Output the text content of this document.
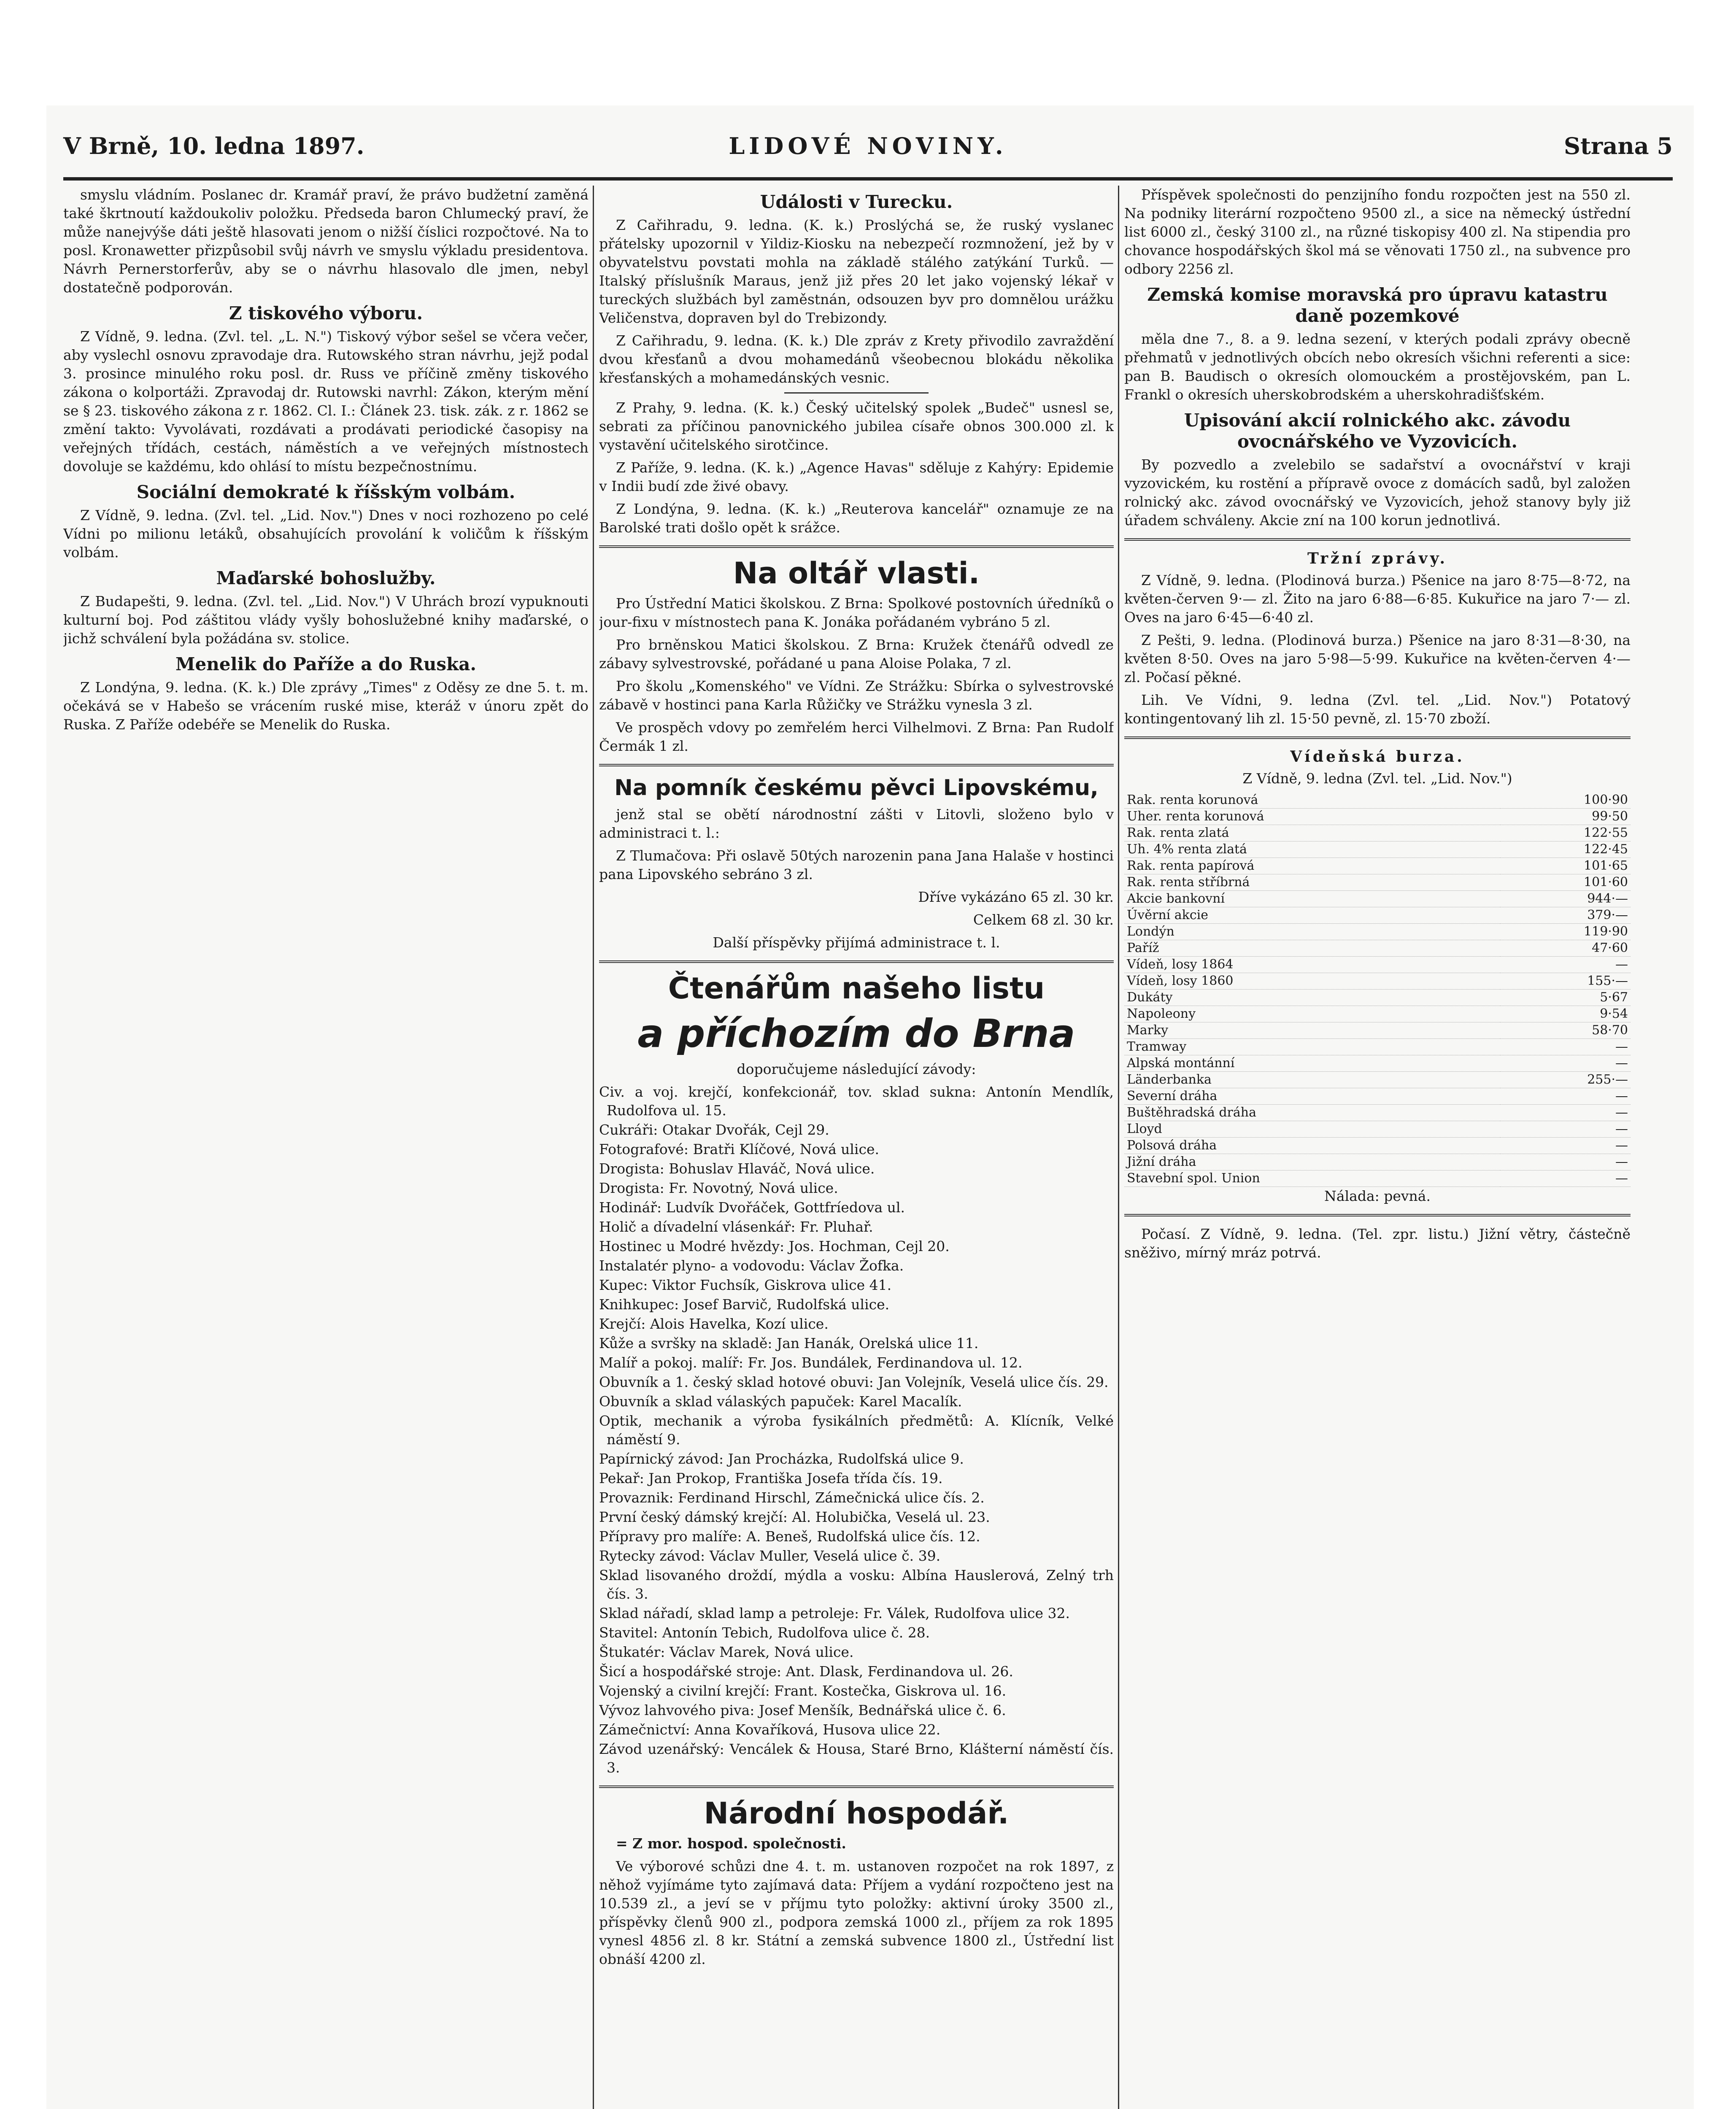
V Brně, 10. ledna 1897.	LIDOVÉ NOVINY.	Strana 5

smyslu vládním. Poslanec dr. Kramář praví, že právo budžetní zaměná také škrtnoutí každoukoliv položku. Předseda baron Chlumecký praví, že může nanejvýše dáti ještě hlasovati jenom o nižší číslici rozpočtové. Na to posl. Kronawetter přizpůsobil svůj návrh ve smyslu výkladu presidentova. Návrh Pernerstorferův, aby se o návrhu hlasovalo dle jmen, nebyl dostatečně podporován.

Z tiskového výboru.

Z Vídně, 9. ledna. (Zvl. tel. „L. N.") Tiskový výbor sešel se včera večer, aby vyslechl osnovu zpravodaje dra. Rutowského stran návrhu, jejž podal 3. prosince minulého roku posl. dr. Russ ve příčině změny tiskového zákona o kolportáži. Zpravodaj dr. Rutowski navrhl: Zákon, kterým mění se § 23. tiskového zákona z r. 1862. Cl. I.: Článek 23. tisk. zák. z r. 1862 se změní takto: Vyvolávati, rozdávati a prodávati periodické časopisy na veřejných třídách, cestách, náměstích a ve veřejných místnostech dovoluje se každému, kdo ohlásí to místu bezpečnostnímu.

Sociální demokraté k říšským volbám.

Z Vídně, 9. ledna. (Zvl. tel. „Lid. Nov.") Dnes v noci rozhozeno po celé Vídni po milionu letáků, obsahujících provolání k voličům k říšským volbám.

Maďarské bohoslužby.

Z Budapešti, 9. ledna. (Zvl. tel. „Lid. Nov.") V Uhrách brozí vypuknouti kulturní boj. Pod záštitou vlády vyšly bohoslužebné knihy maďarské, o jichž schválení byla požádána sv. stolice.

Menelik do Paříže a do Ruska.

Z Londýna, 9. ledna. (K. k.) Dle zprávy „Times" z Oděsy ze dne 5. t. m. očekává se v Habešo se vrácením ruské mise, kteráž v únoru zpět do Ruska. Z Paříže odebéře se Menelik do Ruska.

Události v Turecku.

Z Cařihradu, 9. ledna. (K. k.) Proslýchá se, že ruský vyslanec přátelsky upozornil v Yildiz-Kiosku na nebezpečí rozmnožení, jež by v obyvatelstvu povstati mohla na základě stálého zatýkání Turků. — Italský příslušník Maraus, jenž již přes 20 let jako vojenský lékař v tureckých službách byl zaměstnán, odsouzen byv pro domnělou urážku Veličenstva, dopraven byl do Trebizondy.

Z Cařihradu, 9. ledna. (K. k.) Dle zpráv z Krety přivodilo zavraždění dvou křesťanů a dvou mohamedánů všeobecnou blokádu několika křesťanských a mohamedánských vesnic.

Z Prahy, 9. ledna. (K. k.) Český učitelský spolek „Budeč" usnesl se, sebrati za příčinou panovnického jubilea císaře obnos 300.000 zl. k vystavění učitelského sirotčince.

Z Paříže, 9. ledna. (K. k.) „Agence Havas" sděluje z Kahýry: Epidemie v Indii budí zde živé obavy.

Z Londýna, 9. ledna. (K. k.) „Reuterova kancelář" oznamuje ze na Barolské trati došlo opět k srážce.

Na oltář vlasti.

Pro Ústřední Matici školskou. Z Brna: Spolkové postovních úředníků o jour-fixu v místnostech pana K. Jonáka pořádaném vybráno 5 zl.

Pro brněnskou Matici školskou. Z Brna: Kružek čtenářů odvedl ze zábavy sylvestrovské, pořádané u pana Aloise Polaka, 7 zl.

Pro školu „Komenského" ve Vídni. Ze Strážku: Sbírka o sylvestrovské zábavě v hostinci pana Karla Růžičky ve Strážku vynesla 3 zl.

Ve prospěch vdovy po zemřelém herci Vilhelmovi. Z Brna: Pan Rudolf Čermák 1 zl.

Na pomník českému pěvci Lipovskému,

jenž stal se obětí národnostní zášti v Litovli, složeno bylo v administraci t. l.:

Z Tlumačova: Při oslavě 50tých narozenin pana Jana Halaše v hostinci pana Lipovského sebráno 3 zl.

Dříve vykázáno 65 zl. 30 kr.

Celkem 68 zl. 30 kr.

Další příspěvky přijímá administrace t. l.

Čtenářům našeho listu
a příchozím do Brna

doporučujeme následující závody:

Civ. a voj. krejčí, konfekcionář, tov. sklad sukna: Antonín Mendlík, Rudolfova ul. 15.
Cukráři: Otakar Dvořák, Cejl 29.
Fotografové: Bratři Klíčové, Nová ulice.
Drogista: Bohuslav Hlaváč, Nová ulice.
Drogista: Fr. Novotný, Nová ulice.
Hodinář: Ludvík Dvořáček, Gottfríedova ul.
Holič a dívadelní vlásenkář: Fr. Pluhař.
Hostinec u Modré hvězdy: Jos. Hochman, Cejl 20.
Instalatér plyno- a vodovodu: Václav Žofka.
Kupec: Viktor Fuchsík, Giskrova ulice 41.
Knihkupec: Josef Barvič, Rudolfská ulice.
Krejčí: Alois Havelka, Kozí ulice.
Kůže a svršky na skladě: Jan Hanák, Orelská ulice 11.
Malíř a pokoj. malíř: Fr. Jos. Bundálek, Ferdinandova ul. 12.
Obuvník a 1. český sklad hotové obuvi: Jan Volejník, Veselá ulice čís. 29.
Obuvník a sklad válaských papuček: Karel Macalík.
Optik, mechanik a výroba fysikálních předmětů: A. Klícník, Velké náměstí 9.
Papírnický závod: Jan Procházka, Rudolfská ulice 9.
Pekař: Jan Prokop, Františka Josefa třída čís. 19.
Provaznik: Ferdinand Hirschl, Zámečnická ulice čís. 2.
První český dámský krejčí: Al. Holubička, Veselá ul. 23.
Přípravy pro malíře: A. Beneš, Rudolfská ulice čís. 12.
Rytecky závod: Václav Muller, Veselá ulice č. 39.
Sklad lisovaného droždí, mýdla a vosku: Albína Hauslerová, Zelný trh čís. 3.
Sklad nářadí, sklad lamp a petroleje: Fr. Válek, Rudolfova ulice 32.
Stavitel: Antonín Tebich, Rudolfova ulice č. 28.
Štukatér: Václav Marek, Nová ulice.
Šicí a hospodářské stroje: Ant. Dlask, Ferdinandova ul. 26.
Vojenský a civilní krejčí: Frant. Kostečka, Giskrova ul. 16.
Vývoz lahvového piva: Josef Menšík, Bednářská ulice č. 6.
Zámečnictví: Anna Kovaříková, Husova ulice 22.
Závod uzenářský: Vencálek & Housa, Staré Brno, Klášterní náměstí čís. 3.
Národní hospodář.

= Z mor. hospod. společnosti.

Ve výborové schůzi dne 4. t. m. ustanoven rozpočet na rok 1897, z něhož vyjímáme tyto zajímavá data: Příjem a vydání rozpočteno jest na 10.539 zl., a jeví se v příjmu tyto položky: aktivní úroky 3500 zl., příspěvky členů 900 zl., podpora zemská 1000 zl., příjem za rok 1895 vynesl 4856 zl. 8 kr. Státní a zemská subvence 1800 zl., Ústřední list obnáší 4200 zl.

Příspěvek společnosti do penzijního fondu rozpočten jest na 550 zl. Na podniky literární rozpočteno 9500 zl., a sice na německý ústřední list 6000 zl., český 3100 zl., na různé tiskopisy 400 zl. Na stipendia pro chovance hospodářských škol má se věnovati 1750 zl., na subvence pro odbory 2256 zl.

Zemská komise moravská pro úpravu katastru daně pozemkové

měla dne 7., 8. a 9. ledna sezení, v kterých podali zprávy obecně přehmatů v jednotlivých obcích nebo okresích všichni referenti a sice: pan B. Baudisch o okresích olomouckém a prostějovském, pan L. Frankl o okresích uherskobrodském a uherskohradišťském.

Upisování akcií rolnického akc. závodu ovocnářského ve Vyzovicích.

By pozvedlo a zvelebilo se sadařství a ovocnářství v kraji vyzovickém, ku rostění a přípravě ovoce z domácích sadů, byl založen rolnický akc. závod ovocnářský ve Vyzovicích, jehož stanovy byly již úřadem schváleny. Akcie zní na 100 korun jednotlivá.

Tržní zprávy.

Z Vídně, 9. ledna. (Plodinová burza.) Pšenice na jaro 8·75—8·72, na květen-červen 9·— zl. Žito na jaro 6·88—6·85. Kukuřice na jaro 7·— zl. Oves na jaro 6·45—6·40 zl.

Z Pešti, 9. ledna. (Plodinová burza.) Pšenice na jaro 8·31—8·30, na květen 8·50. Oves na jaro 5·98—5·99. Kukuřice na květen-červen 4·— zl. Počasí pěkné.

Lih. Ve Vídni, 9. ledna (Zvl. tel. „Lid. Nov.") Potatový kontingentovaný lih zl. 15·50 pevně, zl. 15·70 zboží.

Vídeňská burza.

Z Vídně, 9. ledna (Zvl. tel. „Lid. Nov.")

Rak. renta korunová	100·90
Uher. renta korunová	99·50
Rak. renta zlatá	122·55
Uh. 4% renta zlatá	122·45
Rak. renta papírová	101·65
Rak. renta stříbrná	101·60
Akcie bankovní	944·—
Úvěrní akcie	379·—
Londýn	119·90
Paříž	47·60
Vídeň, losy 1864	—
Vídeň, losy 1860	155·—
Dukáty	5·67
Napoleony	9·54
Marky	58·70
Tramway	—
Alpská montánní	—
Länderbanka	255·—
Severní dráha	—
Buštěhradská dráha	—
Lloyd	—
Polsová dráha	—
Jižní dráha	—
Stavební spol. Union	—

Nálada: pevná.

Počasí. Z Vídně, 9. ledna. (Tel. zpr. listu.) Jižní větry, částečně sněživo, mírný mráz potrvá.
